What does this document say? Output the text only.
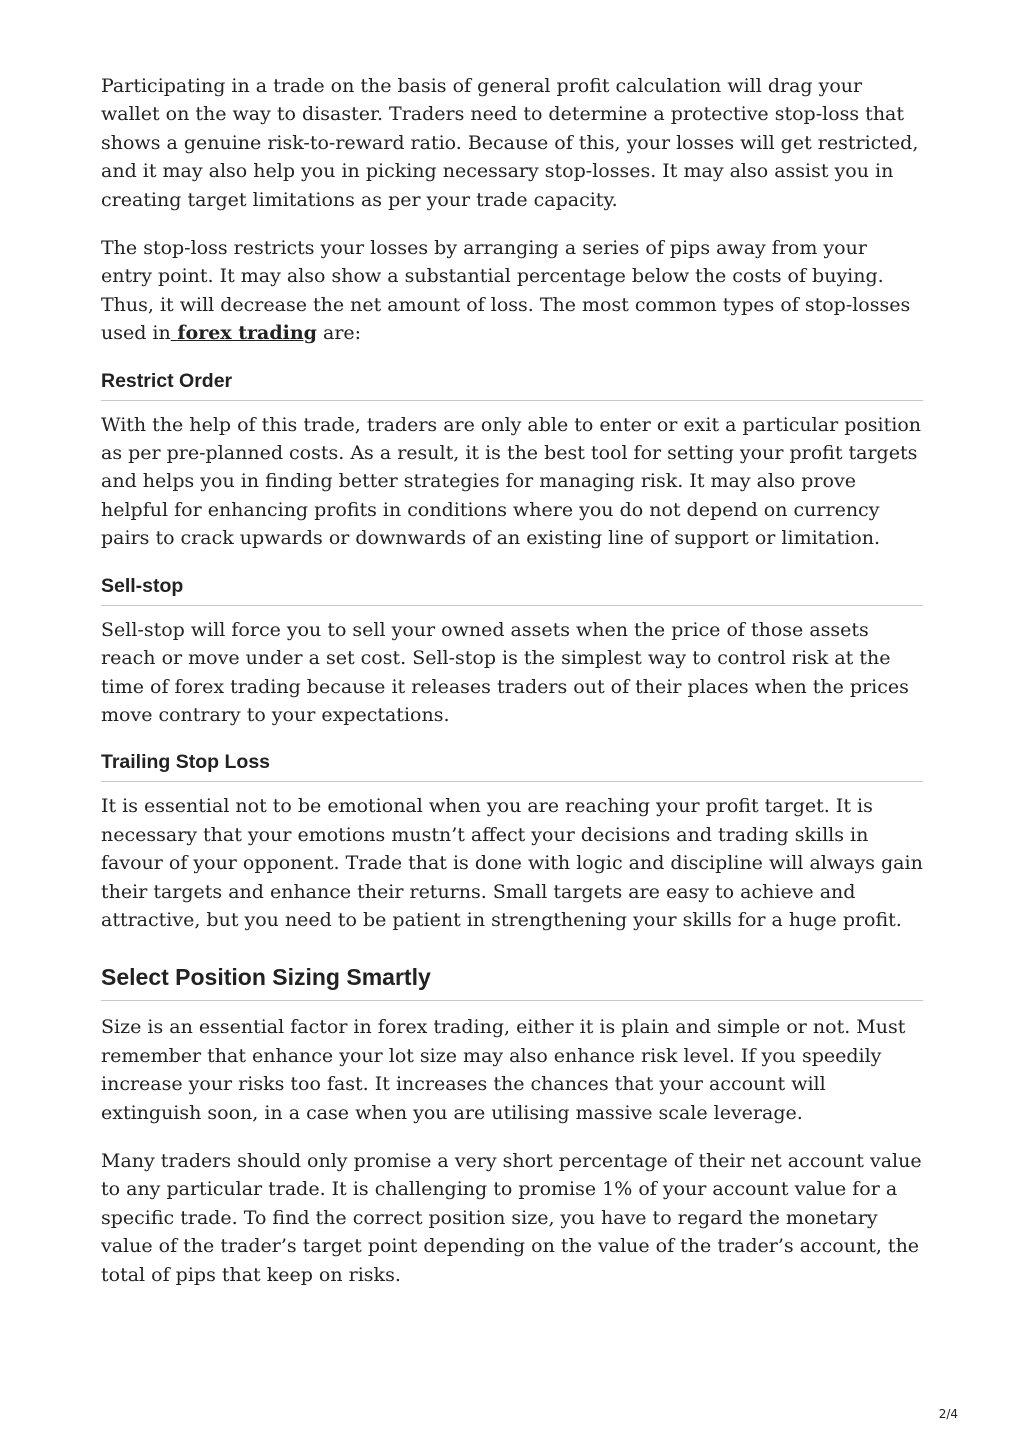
Participating in a trade on the basis of general profit calculation will drag your wallet on the way to disaster. Traders need to determine a protective stop-loss that shows a genuine risk-to-reward ratio. Because of this, your losses will get restricted, and it may also help you in picking necessary stop-losses. It may also assist you in creating target limitations as per your trade capacity.

The stop-loss restricts your losses by arranging a series of pips away from your entry point. It may also show a substantial percentage below the costs of buying. Thus, it will decrease the net amount of loss. The most common types of stop-losses used in forex trading are:

Restrict Order

With the help of this trade, traders are only able to enter or exit a particular position as per pre-planned costs. As a result, it is the best tool for setting your profit targets and helps you in finding better strategies for managing risk. It may also prove helpful for enhancing profits in conditions where you do not depend on currency pairs to crack upwards or downwards of an existing line of support or limitation.

Sell-stop

Sell-stop will force you to sell your owned assets when the price of those assets reach or move under a set cost. Sell-stop is the simplest way to control risk at the time of forex trading because it releases traders out of their places when the prices move contrary to your expectations.

Trailing Stop Loss

It is essential not to be emotional when you are reaching your profit target. It is necessary that your emotions mustn’t affect your decisions and trading skills in favour of your opponent. Trade that is done with logic and discipline will always gain their targets and enhance their returns. Small targets are easy to achieve and attractive, but you need to be patient in strengthening your skills for a huge profit.

Select Position Sizing Smartly

Size is an essential factor in forex trading, either it is plain and simple or not. Must remember that enhance your lot size may also enhance risk level. If you speedily increase your risks too fast. It increases the chances that your account will extinguish soon, in a case when you are utilising massive scale leverage.

Many traders should only promise a very short percentage of their net account value to any particular trade. It is challenging to promise 1% of your account value for a specific trade. To find the correct position size, you have to regard the monetary value of the trader’s target point depending on the value of the trader’s account, the total of pips that keep on risks.

2/4
